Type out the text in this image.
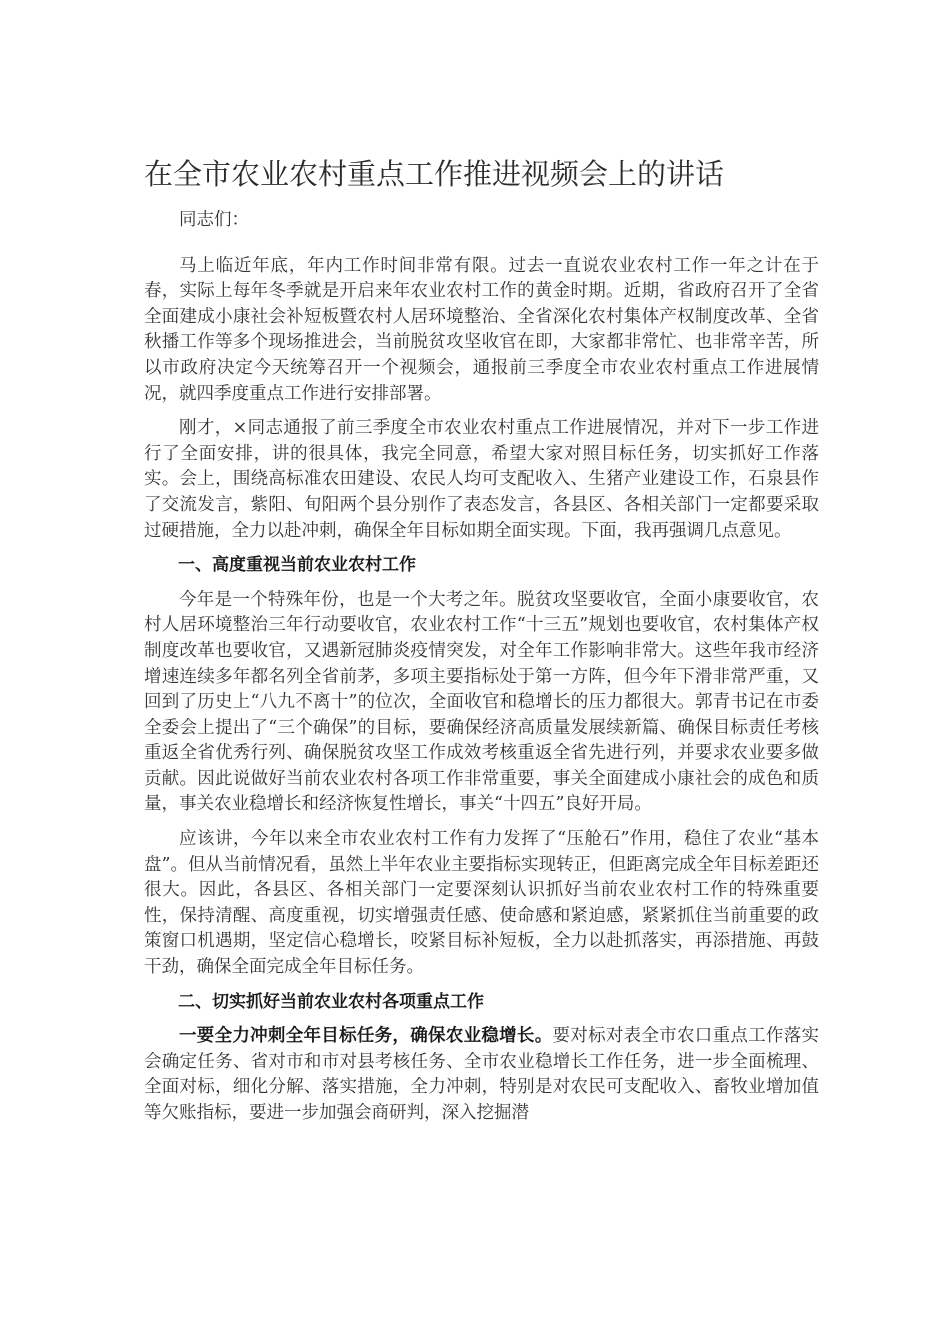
在全市农业农村重点工作推进视频会上的讲话

同志们：

马上临近年底，年内工作时间非常有限。过去一直说农业农村工作一年之计在于春，实际上每年冬季就是开启来年农业农村工作的黄金时期。近期，省政府召开了全省全面建成小康社会补短板暨农村人居环境整治、全省深化农村集体产权制度改革、全省秋播工作等多个现场推进会，当前脱贫攻坚收官在即，大家都非常忙、也非常辛苦，所以市政府决定今天统筹召开一个视频会，通报前三季度全市农业农村重点工作进展情况，就四季度重点工作进行安排部署。

刚才，×同志通报了前三季度全市农业农村重点工作进展情况，并对下一步工作进行了全面安排，讲的很具体，我完全同意，希望大家对照目标任务，切实抓好工作落实。会上，围绕高标准农田建设、农民人均可支配收入、生猪产业建设工作，石泉县作了交流发言，紫阳、旬阳两个县分别作了表态发言，各县区、各相关部门一定都要采取过硬措施，全力以赴冲刺，确保全年目标如期全面实现。下面，我再强调几点意见。

一、高度重视当前农业农村工作

今年是一个特殊年份，也是一个大考之年。脱贫攻坚要收官，全面小康要收官，农村人居环境整治三年行动要收官，农业农村工作“十三五”规划也要收官，农村集体产权制度改革也要收官，又遇新冠肺炎疫情突发，对全年工作影响非常大。这些年我市经济增速连续多年都名列全省前茅，多项主要指标处于第一方阵，但今年下滑非常严重，又回到了历史上“八九不离十”的位次，全面收官和稳增长的压力都很大。郭青书记在市委全委会上提出了“三个确保”的目标，要确保经济高质量发展续新篇、确保目标责任考核重返全省优秀行列、确保脱贫攻坚工作成效考核重返全省先进行列，并要求农业要多做贡献。因此说做好当前农业农村各项工作非常重要，事关全面建成小康社会的成色和质量，事关农业稳增长和经济恢复性增长，事关“十四五”良好开局。

应该讲，今年以来全市农业农村工作有力发挥了“压舱石”作用，稳住了农业“基本盘”。但从当前情况看，虽然上半年农业主要指标实现转正，但距离完成全年目标差距还很大。因此，各县区、各相关部门一定要深刻认识抓好当前农业农村工作的特殊重要性，保持清醒、高度重视，切实增强责任感、使命感和紧迫感，紧紧抓住当前重要的政策窗口机遇期，坚定信心稳增长，咬紧目标补短板，全力以赴抓落实，再添措施、再鼓干劲，确保全面完成全年目标任务。

二、切实抓好当前农业农村各项重点工作

一要全力冲刺全年目标任务，确保农业稳增长。要对标对表全市农口重点工作落实会确定任务、省对市和市对县考核任务、全市农业稳增长工作任务，进一步全面梳理、全面对标，细化分解、落实措施，全力冲刺，特别是对农民可支配收入、畜牧业增加值等欠账指标，要进一步加强会商研判，深入挖掘潜
